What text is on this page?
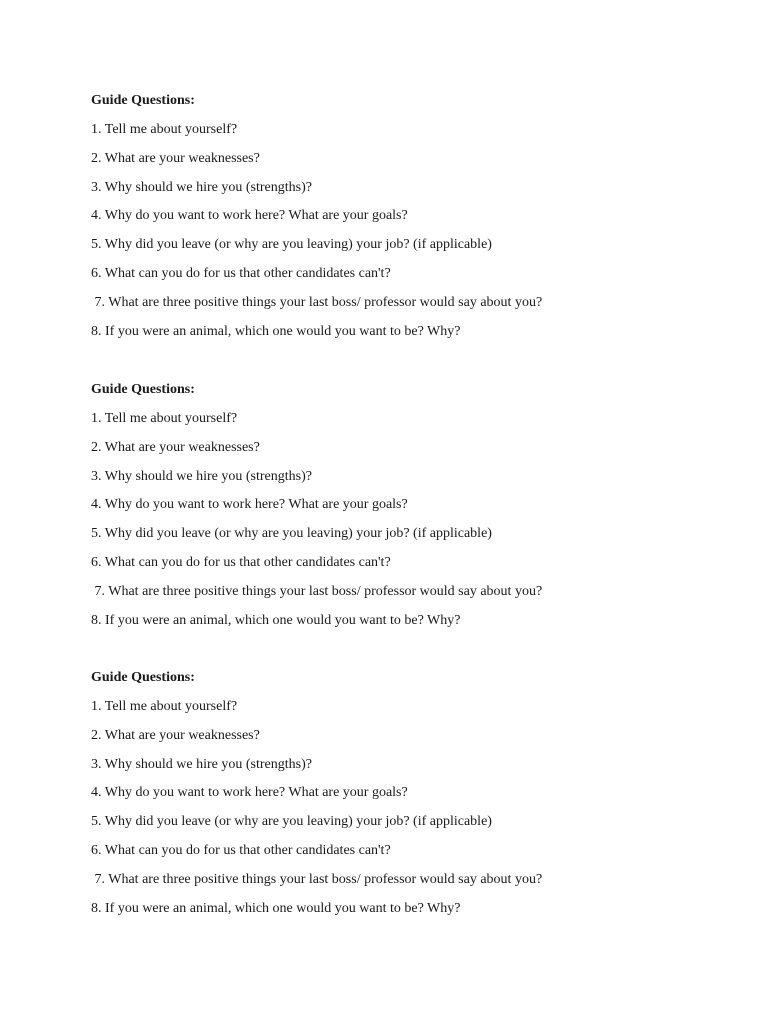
Guide Questions:

1. Tell me about yourself?
2. What are your weaknesses?
3. Why should we hire you (strengths)?
4. Why do you want to work here? What are your goals?
5. Why did you leave (or why are you leaving) your job? (if applicable)
6. What can you do for us that other candidates can't?
7. What are three positive things your last boss/ professor would say about you?
8. If you were an animal, which one would you want to be? Why?

Guide Questions:

1. Tell me about yourself?
2. What are your weaknesses?
3. Why should we hire you (strengths)?
4. Why do you want to work here? What are your goals?
5. Why did you leave (or why are you leaving) your job? (if applicable)
6. What can you do for us that other candidates can't?
7. What are three positive things your last boss/ professor would say about you?
8. If you were an animal, which one would you want to be? Why?

Guide Questions:

1. Tell me about yourself?
2. What are your weaknesses?
3. Why should we hire you (strengths)?
4. Why do you want to work here? What are your goals?
5. Why did you leave (or why are you leaving) your job? (if applicable)
6. What can you do for us that other candidates can't?
7. What are three positive things your last boss/ professor would say about you?
8. If you were an animal, which one would you want to be? Why?
